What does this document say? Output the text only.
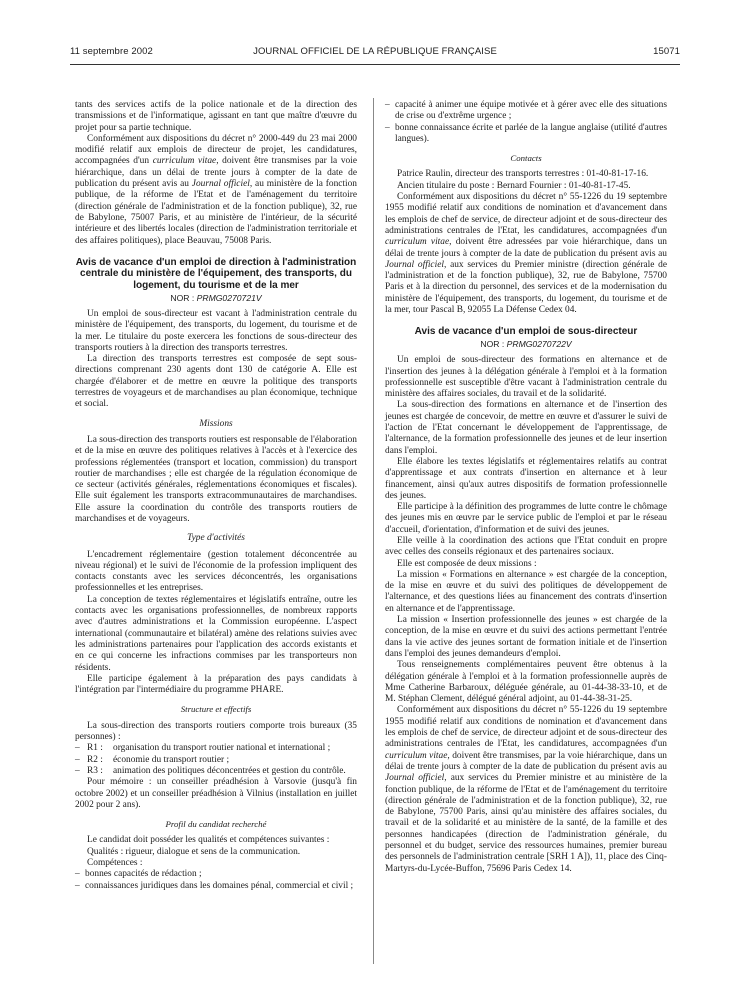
11 septembre 2002	JOURNAL OFFICIEL DE LA RÉPUBLIQUE FRANÇAISE	15071

tants des services actifs de la police nationale et de la direction des transmissions et de l'informatique, agissant en tant que maître d'œuvre du projet pour sa partie technique.

Conformément aux dispositions du décret n° 2000-449 du 23 mai 2000 modifié relatif aux emplois de directeur de projet, les candidatures, accompagnées d'un curriculum vitae, doivent être transmises par la voie hiérarchique, dans un délai de trente jours à compter de la date de publication du présent avis au Journal officiel, au ministère de la fonction publique, de la réforme de l'Etat et de l'aménagement du territoire (direction générale de l'administration et de la fonction publique), 32, rue de Babylone, 75007 Paris, et au ministère de l'intérieur, de la sécurité intérieure et des libertés locales (direction de l'administration territoriale et des affaires politiques), place Beauvau, 75008 Paris.

Avis de vacance d'un emploi de direction à l'administration centrale du ministère de l'équipement, des transports, du logement, du tourisme et de la mer
NOR : PRMG0270721V

Un emploi de sous-directeur est vacant à l'administration centrale du ministère de l'équipement, des transports, du logement, du tourisme et de la mer. Le titulaire du poste exercera les fonctions de sous-directeur des transports routiers à la direction des transports terrestres.

La direction des transports terrestres est composée de sept sous-directions comprenant 230 agents dont 130 de catégorie A. Elle est chargée d'élaborer et de mettre en œuvre la politique des transports terrestres de voyageurs et de marchandises au plan économique, technique et social.

Missions

La sous-direction des transports routiers est responsable de l'élaboration et de la mise en œuvre des politiques relatives à l'accès et à l'exercice des professions réglementées (transport et location, commission) du transport routier de marchandises ; elle est chargée de la régulation économique de ce secteur (activités générales, réglementations économiques et fiscales). Elle suit également les transports extracommunautaires de marchandises. Elle assure la coordination du contrôle des transports routiers de marchandises et de voyageurs.

Type d'activités

L'encadrement réglementaire (gestion totalement déconcentrée au niveau régional) et le suivi de l'économie de la profession impliquent des contacts constants avec les services déconcentrés, les organisations professionnelles et les entreprises.

La conception de textes réglementaires et législatifs entraîne, outre les contacts avec les organisations professionnelles, de nombreux rapports avec d'autres administrations et la Commission européenne. L'aspect international (communautaire et bilatéral) amène des relations suivies avec les administrations partenaires pour l'application des accords existants et en ce qui concerne les infractions commises par les transporteurs non résidents.

Elle participe également à la préparation des pays candidats à l'intégration par l'intermédiaire du programme PHARE.

Structure et effectifs

La sous-direction des transports routiers comporte trois bureaux (35 personnes) :

– R1 : organisation du transport routier national et international ;
– R2 : économie du transport routier ;
– R3 : animation des politiques déconcentrées et gestion du contrôle.

Pour mémoire : un conseiller préadhésion à Varsovie (jusqu'à fin octobre 2002) et un conseiller préadhésion à Vilnius (installation en juillet 2002 pour 2 ans).

Profil du candidat recherché

Le candidat doit posséder les qualités et compétences suivantes :

Qualités : rigueur, dialogue et sens de la communication.

Compétences :

– bonnes capacités de rédaction ;
– connaissances juridiques dans les domaines pénal, commercial et civil ;
– capacité à animer une équipe motivée et à gérer avec elle des situations de crise ou d'extrême urgence ;
– bonne connaissance écrite et parlée de la langue anglaise (utilité d'autres langues).
Contacts

Patrice Raulin, directeur des transports terrestres : 01-40-81-17-16.

Ancien titulaire du poste : Bernard Fournier : 01-40-81-17-45.

Conformément aux dispositions du décret n° 55-1226 du 19 septembre 1955 modifié relatif aux conditions de nomination et d'avancement dans les emplois de chef de service, de directeur adjoint et de sous-directeur des administrations centrales de l'Etat, les candidatures, accompagnées d'un curriculum vitae, doivent être adressées par voie hiérarchique, dans un délai de trente jours à compter de la date de publication du présent avis au Journal officiel, aux services du Premier ministre (direction générale de l'administration et de la fonction publique), 32, rue de Babylone, 75700 Paris et à la direction du personnel, des services et de la modernisation du ministère de l'équipement, des transports, du logement, du tourisme et de la mer, tour Pascal B, 92055 La Défense Cedex 04.

Avis de vacance d'un emploi de sous-directeur
NOR : PRMG0270722V

Un emploi de sous-directeur des formations en alternance et de l'insertion des jeunes à la délégation générale à l'emploi et à la formation professionnelle est susceptible d'être vacant à l'administration centrale du ministère des affaires sociales, du travail et de la solidarité.

La sous-direction des formations en alternance et de l'insertion des jeunes est chargée de concevoir, de mettre en œuvre et d'assurer le suivi de l'action de l'Etat concernant le développement de l'apprentissage, de l'alternance, de la formation professionnelle des jeunes et de leur insertion dans l'emploi.

Elle élabore les textes législatifs et réglementaires relatifs au contrat d'apprentissage et aux contrats d'insertion en alternance et à leur financement, ainsi qu'aux autres dispositifs de formation professionnelle des jeunes.

Elle participe à la définition des programmes de lutte contre le chômage des jeunes mis en œuvre par le service public de l'emploi et par le réseau d'accueil, d'orientation, d'information et de suivi des jeunes.

Elle veille à la coordination des actions que l'Etat conduit en propre avec celles des conseils régionaux et des partenaires sociaux.

Elle est composée de deux missions :

La mission « Formations en alternance » est chargée de la conception, de la mise en œuvre et du suivi des politiques de développement de l'alternance, et des questions liées au financement des contrats d'insertion en alternance et de l'apprentissage.

La mission « Insertion professionnelle des jeunes » est chargée de la conception, de la mise en œuvre et du suivi des actions permettant l'entrée dans la vie active des jeunes sortant de formation initiale et de l'insertion dans l'emploi des jeunes demandeurs d'emploi.

Tous renseignements complémentaires peuvent être obtenus à la délégation générale à l'emploi et à la formation professionnelle auprès de Mme Catherine Barbaroux, déléguée générale, au 01-44-38-33-10, et de M. Stéphan Clement, délégué général adjoint, au 01-44-38-31-25.

Conformément aux dispositions du décret n° 55-1226 du 19 septembre 1955 modifié relatif aux conditions de nomination et d'avancement dans les emplois de chef de service, de directeur adjoint et de sous-directeur des administrations centrales de l'Etat, les candidatures, accompagnées d'un curriculum vitae, doivent être transmises, par la voie hiérarchique, dans un délai de trente jours à compter de la date de publication du présent avis au Journal officiel, aux services du Premier ministre et au ministère de la fonction publique, de la réforme de l'Etat et de l'aménagement du territoire (direction générale de l'administration et de la fonction publique), 32, rue de Babylone, 75700 Paris, ainsi qu'au ministère des affaires sociales, du travail et de la solidarité et au ministère de la santé, de la famille et des personnes handicapées (direction de l'administration générale, du personnel et du budget, service des ressources humaines, premier bureau des personnels de l'administration centrale [SRH 1 A]), 11, place des Cinq-Martyrs-du-Lycée-Buffon, 75696 Paris Cedex 14.
